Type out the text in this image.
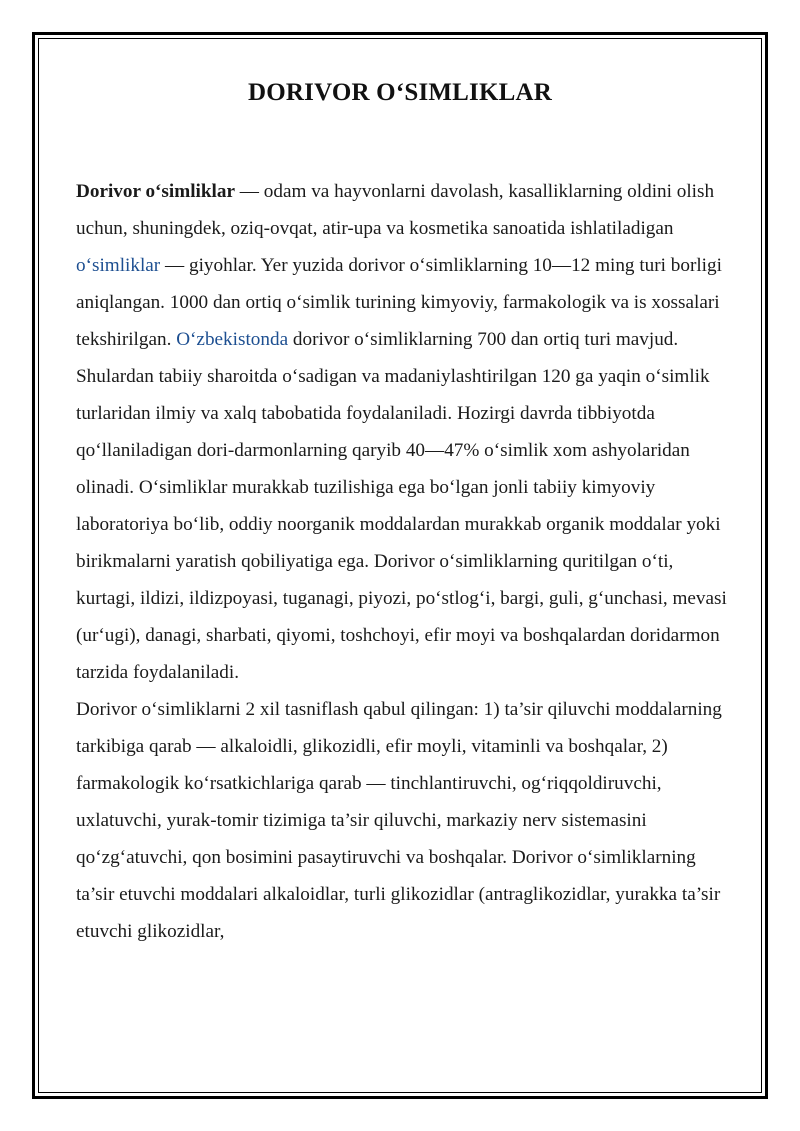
DORIVOR O‘SIMLIKLAR

Dorivor o‘simliklar — odam va hayvonlarni davolash, kasalliklarning oldini olish uchun, shuningdek, oziq-ovqat, atir-upa va kosmetika sanoatida ishlatiladigan o‘simliklar — giyohlar. Yer yuzida dorivor o‘simliklarning 10—12 ming turi borligi aniqlangan. 1000 dan ortiq o‘simlik turining kimyoviy, farmakologik va is xossalari tekshirilgan. O‘zbekistonda dorivor o‘simliklarning 700 dan ortiq turi mavjud. Shulardan tabiiy sharoitda o‘sadigan va madaniylashtirilgan 120 ga yaqin o‘simlik turlaridan ilmiy va xalq tabobatida foydalaniladi. Hozirgi davrda tibbiyotda qo‘llaniladigan dori-darmonlarning qaryib 40—47% o‘simlik xom ashyolaridan olinadi. O‘simliklar murakkab tuzilishiga ega bo‘lgan jonli tabiiy kimyoviy laboratoriya bo‘lib, oddiy noorganik moddalardan murakkab organik moddalar yoki birikmalarni yaratish qobiliyatiga ega. Dorivor o‘simliklarning quritilgan o‘ti, kurtagi, ildizi, ildizpoyasi, tuganagi, piyozi, po‘stlog‘i, bargi, guli, g‘unchasi, mevasi (ur‘ugi), danagi, sharbati, qiyomi, toshchoyi, efir moyi va boshqalardan doridarmon tarzida foydalaniladi.

Dorivor o‘simliklarni 2 xil tasniflash qabul qilingan: 1) ta’sir qiluvchi moddalarning tarkibiga qarab — alkaloidli, glikozidli, efir moyli, vitaminli va boshqalar, 2) farmakologik ko‘rsatkichlariga qarab — tinchlantiruvchi, og‘riqqoldiruvchi, uxlatuvchi, yurak-tomir tizimiga ta’sir qiluvchi, markaziy nerv sistemasini qo‘zg‘atuvchi, qon bosimini pasaytiruvchi va boshqalar. Dorivor o‘simliklarning ta’sir etuvchi moddalari alkaloidlar, turli glikozidlar (antraglikozidlar, yurakka ta’sir etuvchi glikozidlar,
